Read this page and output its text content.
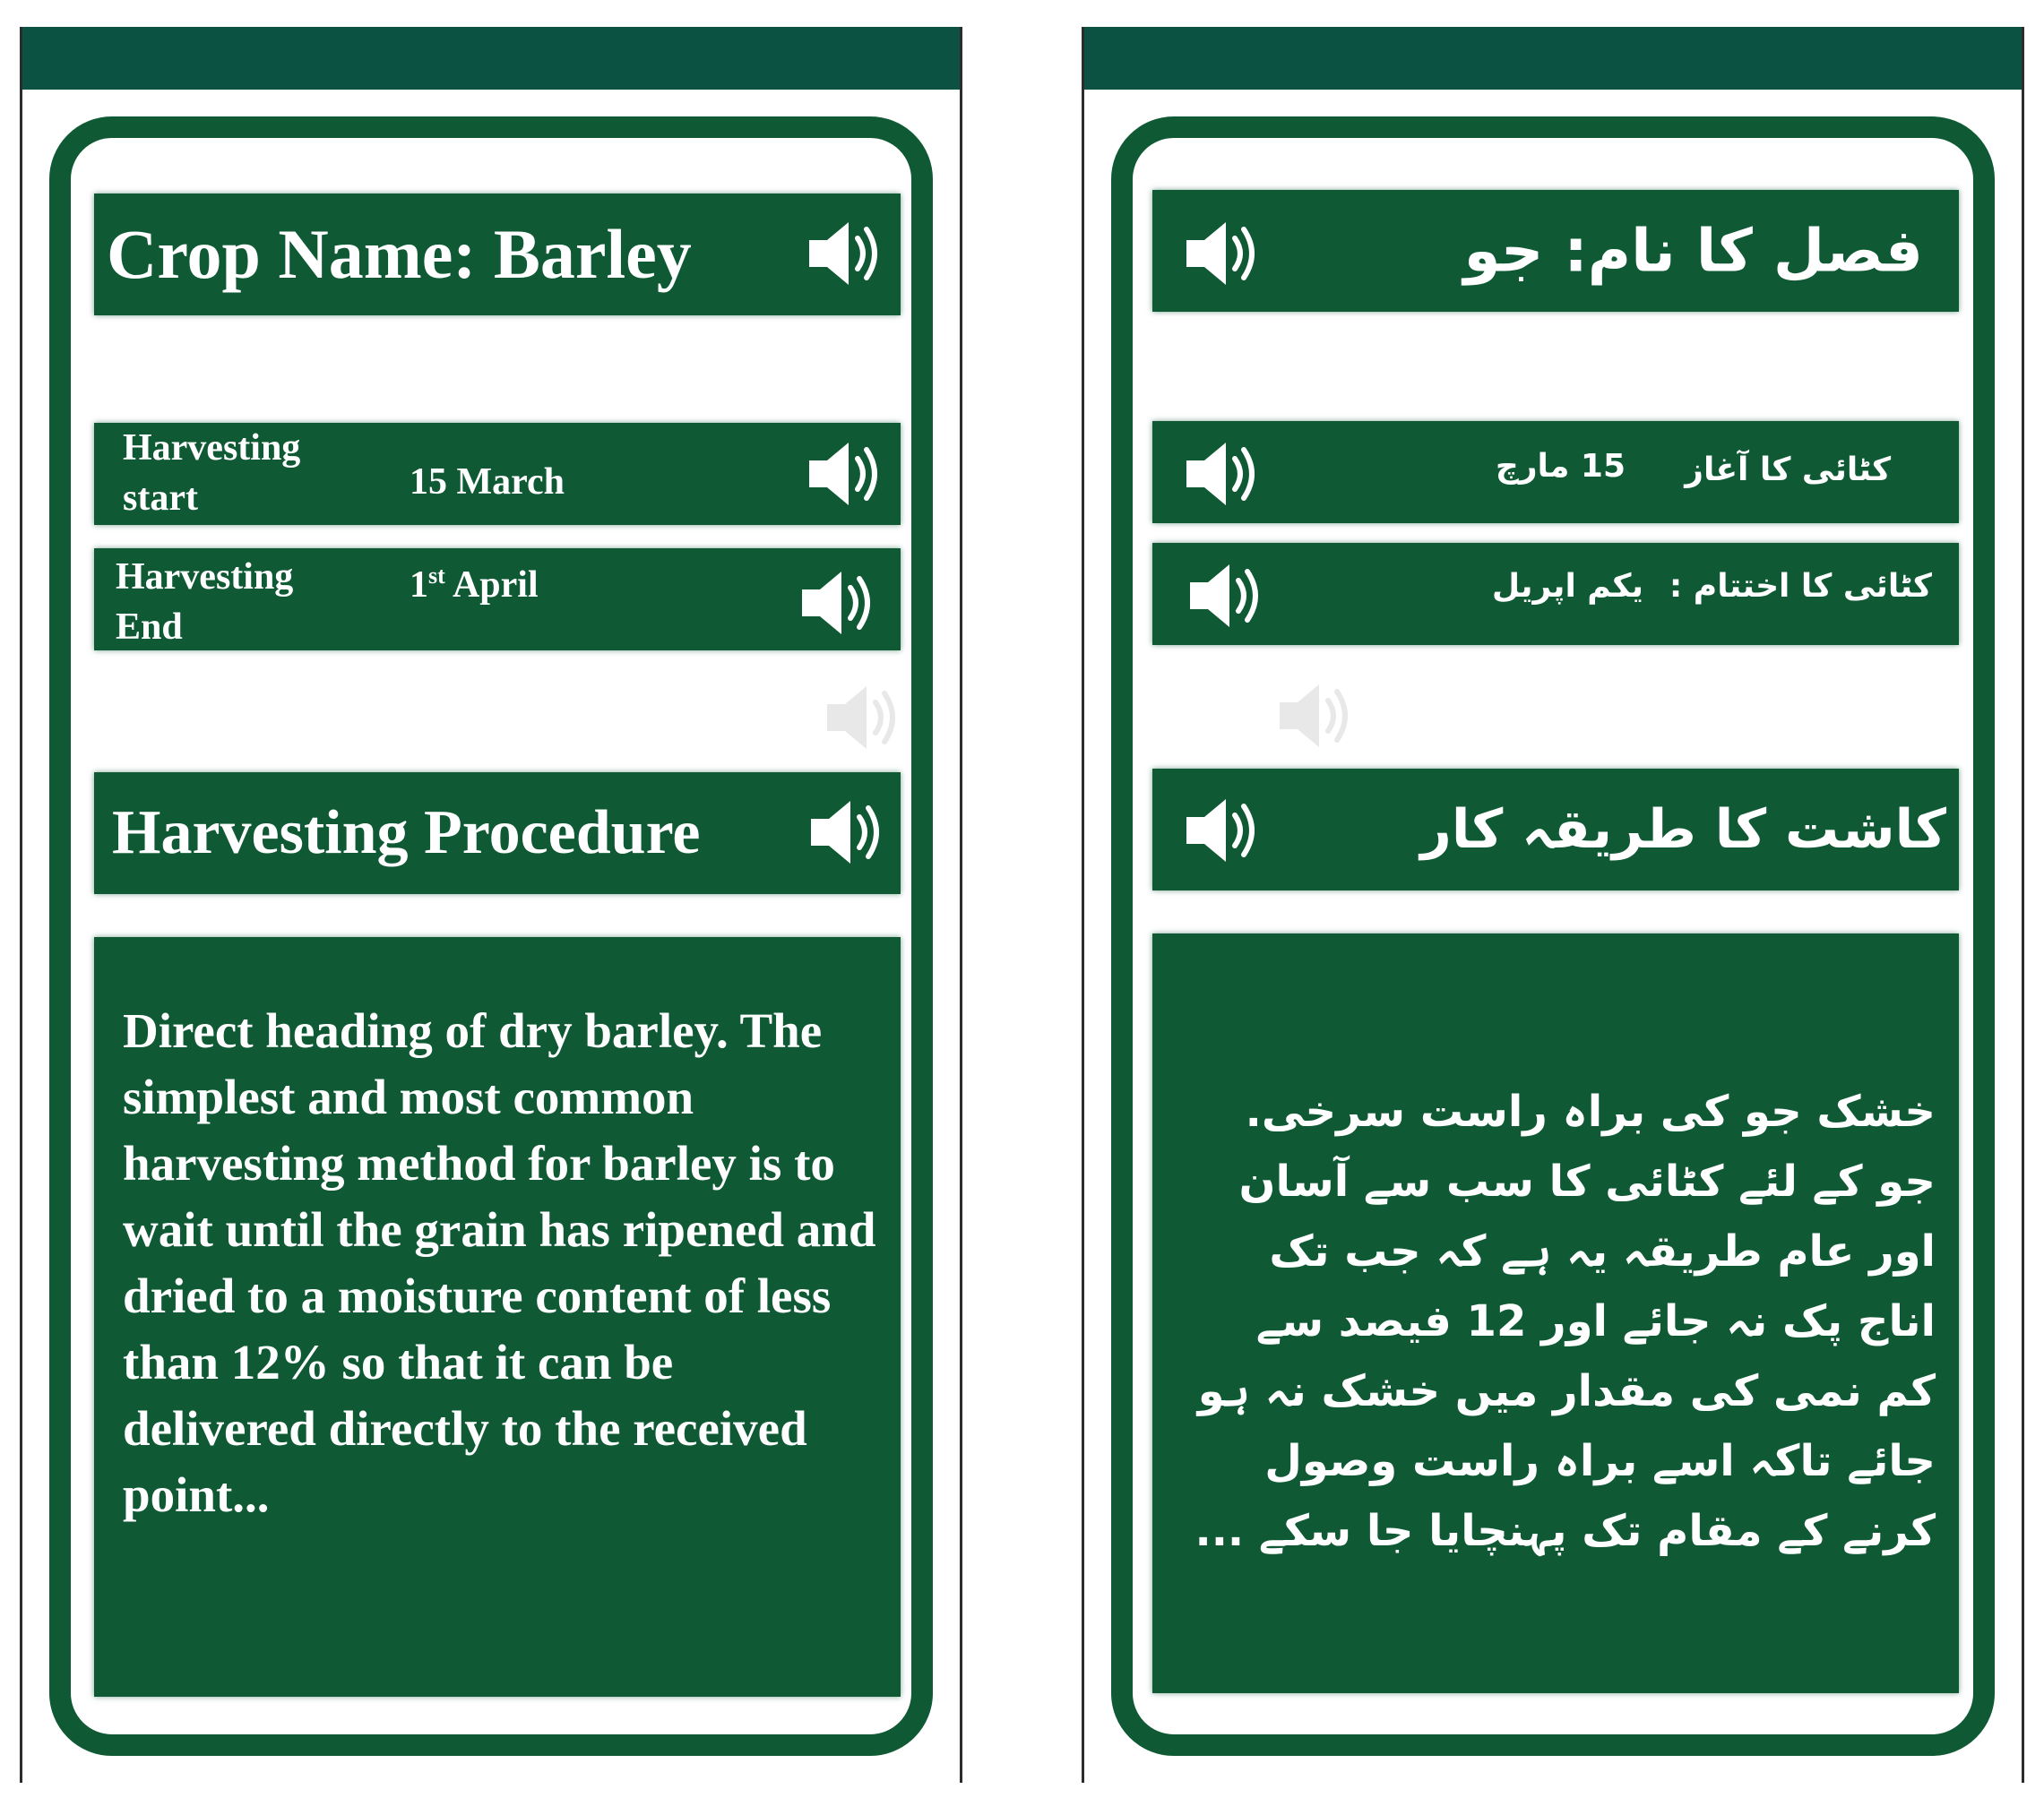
Crop Name: Barley
Harvesting
start	15 March
Harvesting
End
1st April
Harvesting Procedure
Direct heading of dry barley. The simplest and most common harvesting method for barley is to wait until the grain has ripened and dried to a moisture content of less than 12% so that it can be delivered directly to the received point...
فصل کا نام: جو
کٹائی کا آغاز
15 مارچ
کٹائی کا اختتام :
یکم اپریل
کاشت کا طریقہ کار
خشک جو کی براہ راست سرخی. جو کے لئے کٹائی کا سب سے آسان اور عام طریقہ یہ ہے کہ جب تک اناج پک نہ جائے اور 12 فیصد سے کم نمی کی مقدار میں خشک نہ ہو جائے تاکہ اسے براہ راست وصول کرنے کے مقام تک پہنچایا جا سکے ...
